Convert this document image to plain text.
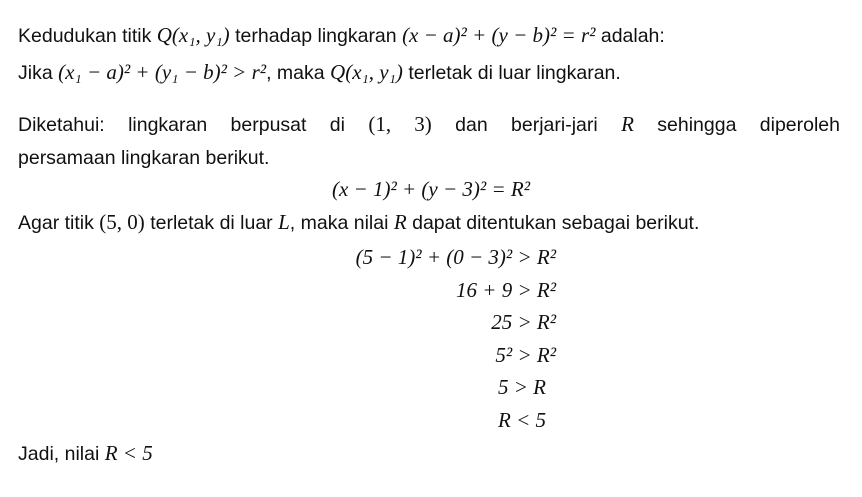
Kedudukan titik Q(x₁, y₁) terhadap lingkaran (x − a)² + (y − b)² = r² adalah:
Jika (x₁ − a)² + (y₁ − b)² > r², maka Q(x₁, y₁) terletak di luar lingkaran.
Diketahui: lingkaran berpusat di (1, 3) dan berjari-jari R sehingga diperoleh
persamaan lingkaran berikut.
(x − 1)² + (y − 3)² = R²
Agar titik (5, 0) terletak di luar L, maka nilai R dapat ditentukan sebagai berikut.
(5 − 1)² + (0 − 3)² > R²
16 + 9 > R²
25 > R²
5² > R²
5 > R
R < 5
Jadi, nilai R < 5
